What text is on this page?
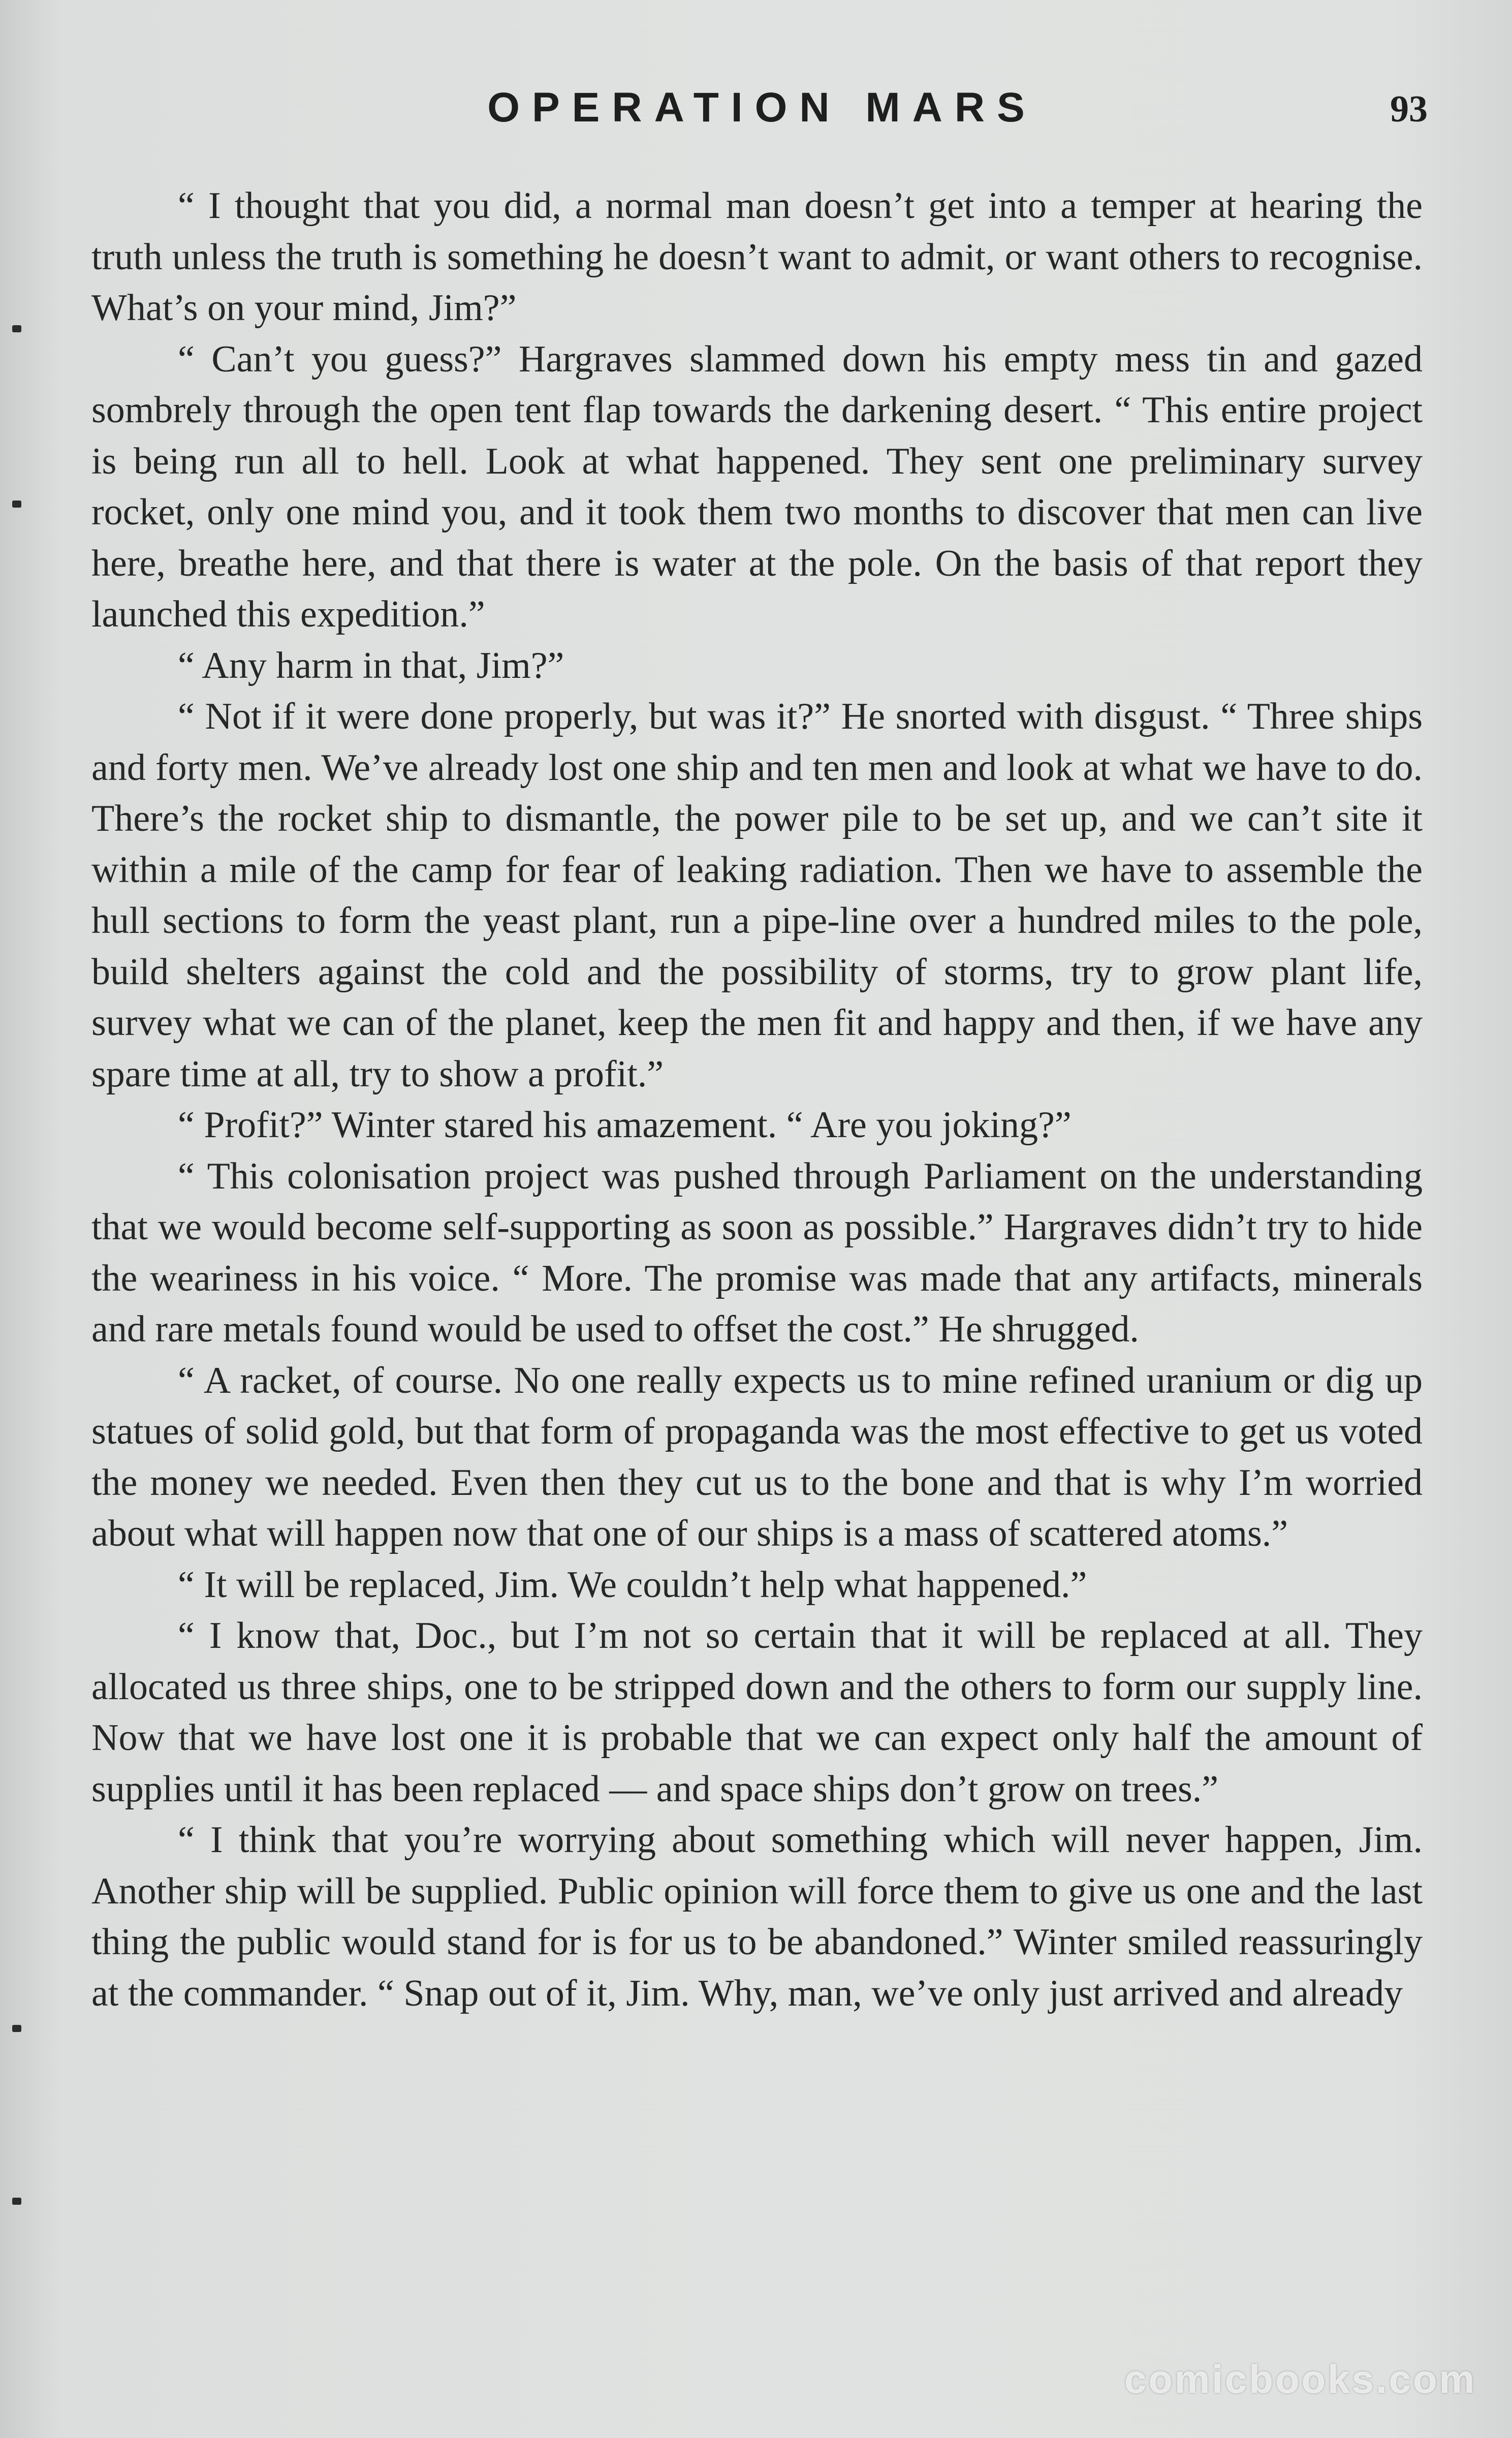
OPERATION MARS	93

“ I thought that you did, a normal man doesn’t get into a temper at hearing the truth unless the truth is something he doesn’t want to admit, or want others to recognise. What’s on your mind, Jim?”

“ Can’t you guess?” Hargraves slammed down his empty mess tin and gazed sombrely through the open tent flap towards the darkening desert. “ This entire project is being run all to hell. Look at what happened. They sent one preliminary survey rocket, only one mind you, and it took them two months to discover that men can live here, breathe here, and that there is water at the pole. On the basis of that report they launched this expedition.”

“ Any harm in that, Jim?”

“ Not if it were done properly, but was it?” He snorted with disgust. “ Three ships and forty men. We’ve already lost one ship and ten men and look at what we have to do. There’s the rocket ship to dismantle, the power pile to be set up, and we can’t site it within a mile of the camp for fear of leaking radiation. Then we have to assemble the hull sections to form the yeast plant, run a pipe-line over a hundred miles to the pole, build shelters against the cold and the possibility of storms, try to grow plant life, survey what we can of the planet, keep the men fit and happy and then, if we have any spare time at all, try to show a profit.”

“ Profit?” Winter stared his amazement. “ Are you joking?”

“ This colonisation project was pushed through Parliament on the understanding that we would become self-supporting as soon as possible.” Hargraves didn’t try to hide the weariness in his voice. “ More. The promise was made that any artifacts, minerals and rare metals found would be used to offset the cost.” He shrugged.

“ A racket, of course. No one really expects us to mine refined uranium or dig up statues of solid gold, but that form of propaganda was the most effective to get us voted the money we needed. Even then they cut us to the bone and that is why I’m worried about what will happen now that one of our ships is a mass of scattered atoms.”

“ It will be replaced, Jim. We couldn’t help what happened.”

“ I know that, Doc., but I’m not so certain that it will be replaced at all. They allocated us three ships, one to be stripped down and the others to form our supply line. Now that we have lost one it is probable that we can expect only half the amount of supplies until it has been replaced — and space ships don’t grow on trees.”

“ I think that you’re worrying about something which will never happen, Jim. Another ship will be supplied. Public opinion will force them to give us one and the last thing the public would stand for is for us to be abandoned.” Winter smiled reassuringly at the commander. “ Snap out of it, Jim. Why, man, we’ve only just arrived and already

comicbooks.com
